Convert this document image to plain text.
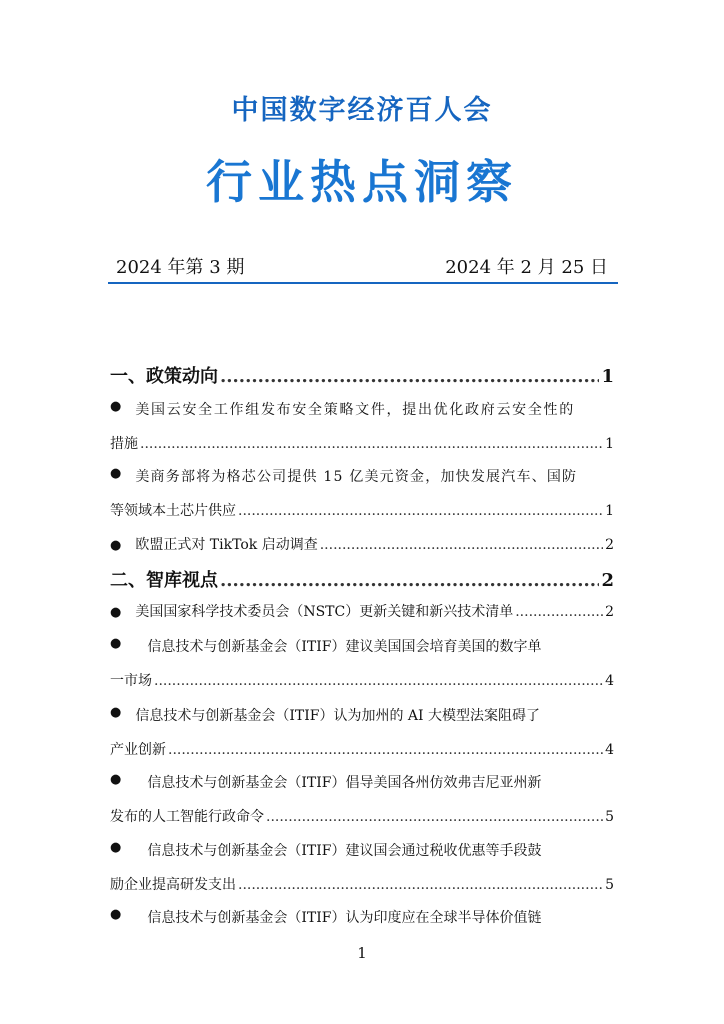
中国数字经济百人会
行业热点洞察
2024 年第 3 期	2024 年 2 月 25 日
一、政策动向 .....	1
● 美国云安全工作组发布安全策略文件，提出优化政府云安全性的
措施 .....	1
● 美商务部将为格芯公司提供 15 亿美元资金，加快发展汽车、国防
等领域本土芯片供应 .....	1
● 欧盟正式对 TikTok 启动调查 .....	2
二、智库视点 .....	2
● 美国国家科学技术委员会（NSTC）更新关键和新兴技术清单 .....	2
● 信息技术与创新基金会（ITIF）建议美国国会培育美国的数字单
一市场 .....	4
● 信息技术与创新基金会（ITIF）认为加州的 AI 大模型法案阻碍了
产业创新 .....	4
● 信息技术与创新基金会（ITIF）倡导美国各州仿效弗吉尼亚州新
发布的人工智能行政命令 .....	5
● 信息技术与创新基金会（ITIF）建议国会通过税收优惠等手段鼓
励企业提高研发支出 .....	5
● 信息技术与创新基金会（ITIF）认为印度应在全球半导体价值链
1
